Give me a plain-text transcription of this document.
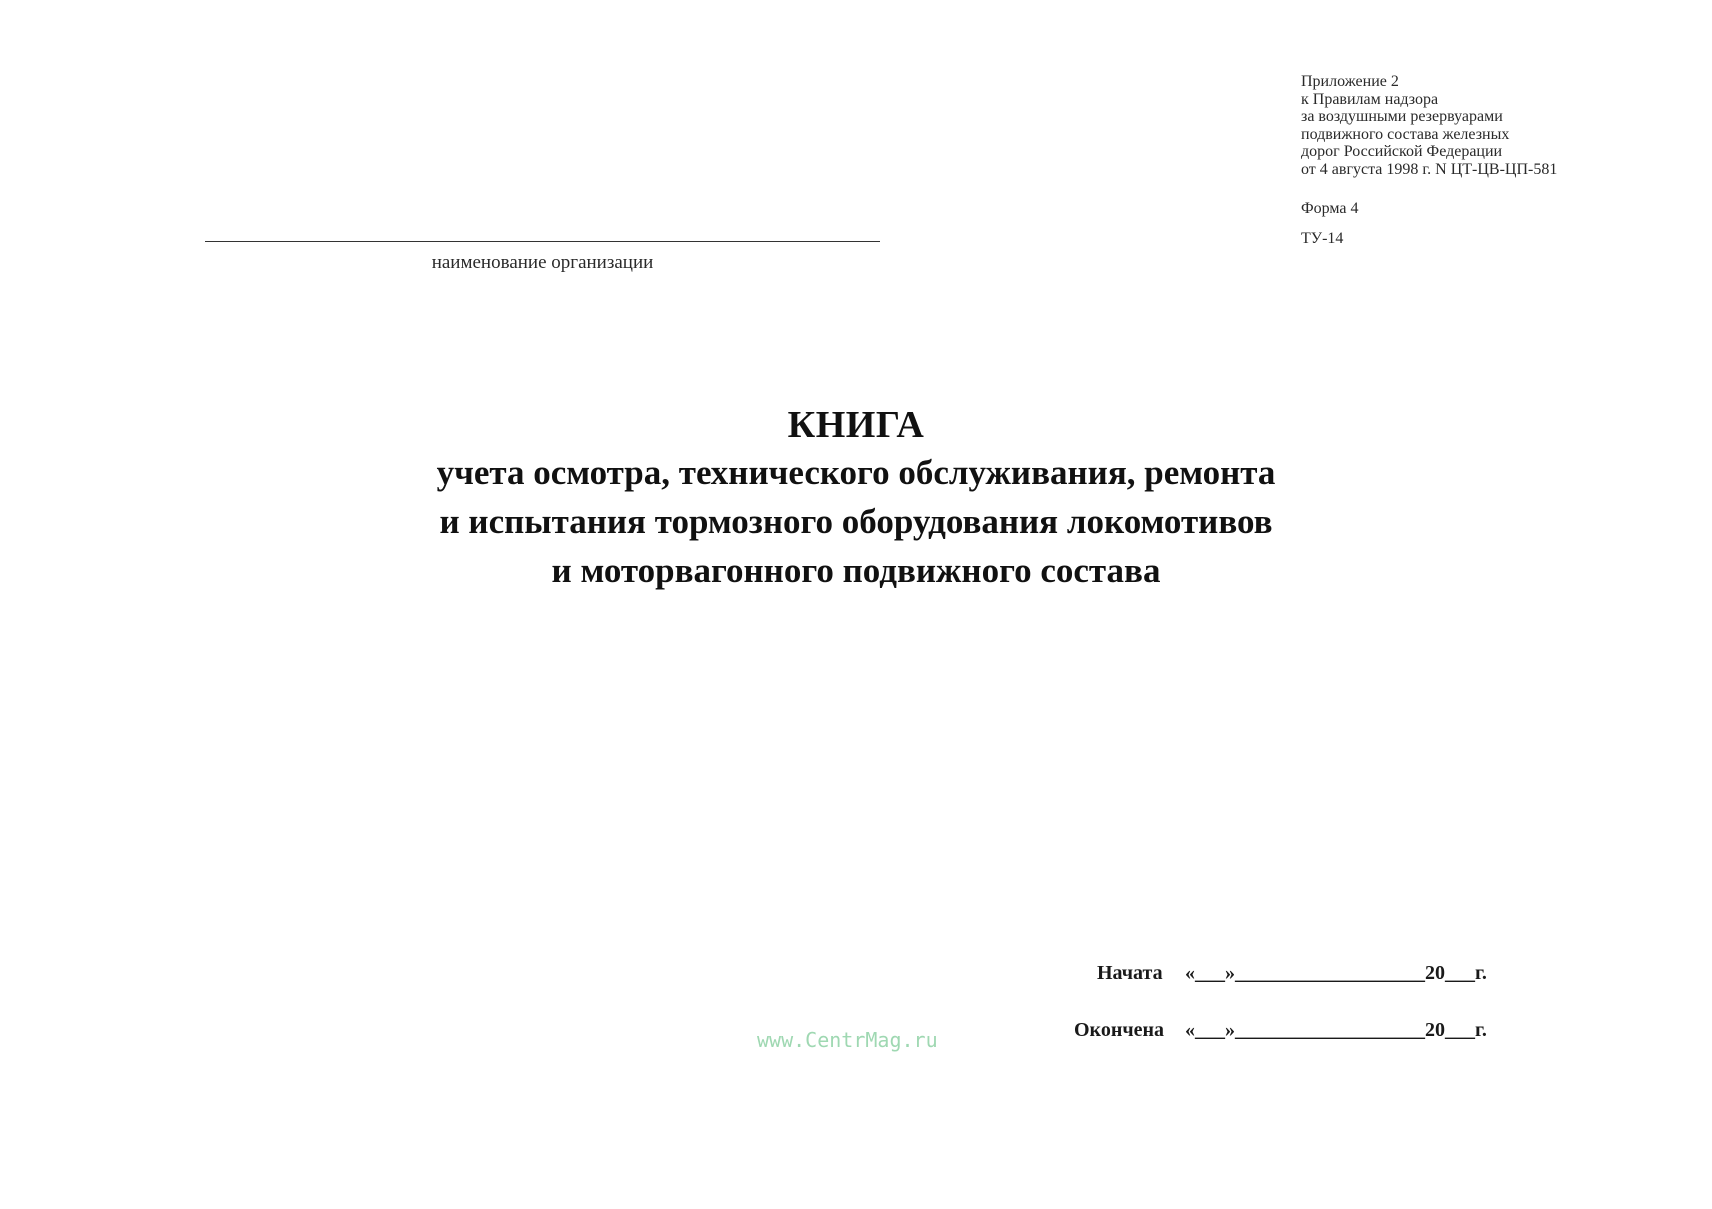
Приложение 2
к Правилам надзора
за воздушными резервуарами
подвижного состава железных
дорог Российской Федерации
от 4 августа 1998 г. N ЦТ-ЦВ-ЦП-581
Форма 4
ТУ-14
наименование организации
КНИГА
учета осмотра, технического обслуживания, ремонта
и испытания тормозного оборудования локомотивов
и моторвагонного подвижного состава
Начата «___»___________________20___г.
Окончена «___»___________________20___г.
www.CentrMag.ru
